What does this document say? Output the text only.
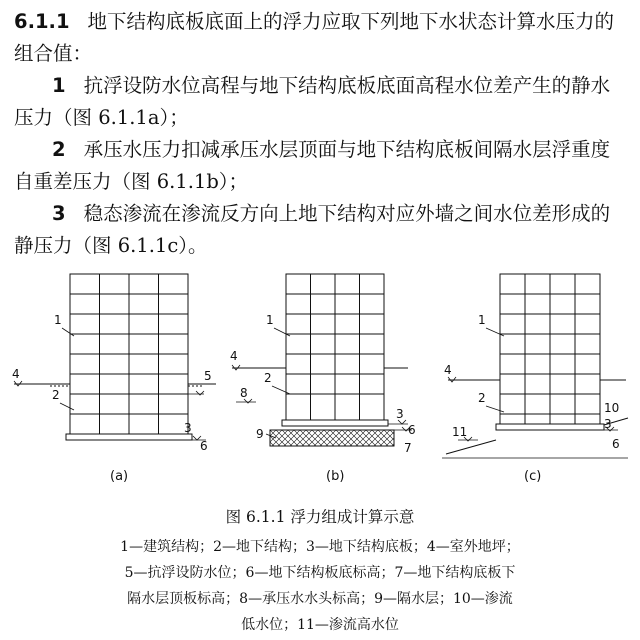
6.1.1 地下结构底板底面上的浮力应取下列地下水状态计算水压力的组合值：

1 抗浮设防水位高程与地下结构底板底面高程水位差产生的静水压力（图 6.1.1a）；

2 承压水压力扣减承压水层顶面与地下结构底板间隔水层浮重度自重差压力（图 6.1.1b）；

3 稳态渗流在渗流反方向上地下结构对应外墙之间水位差形成的静压力（图 6.1.1c）。

1
4	5
2
3
6
(a)
1
4
2
8
3
9	6
7
(b)
1
4
2
10
11
3
6
(c)
图 6.1.1 浮力组成计算示意

1—建筑结构；2—地下结构；3—地下结构底板；4—室外地坪；

5—抗浮设防水位；6—地下结构板底标高；7—地下结构底板下

隔水层顶板标高；8—承压水水头标高；9—隔水层；10—渗流

低水位；11—渗流高水位
